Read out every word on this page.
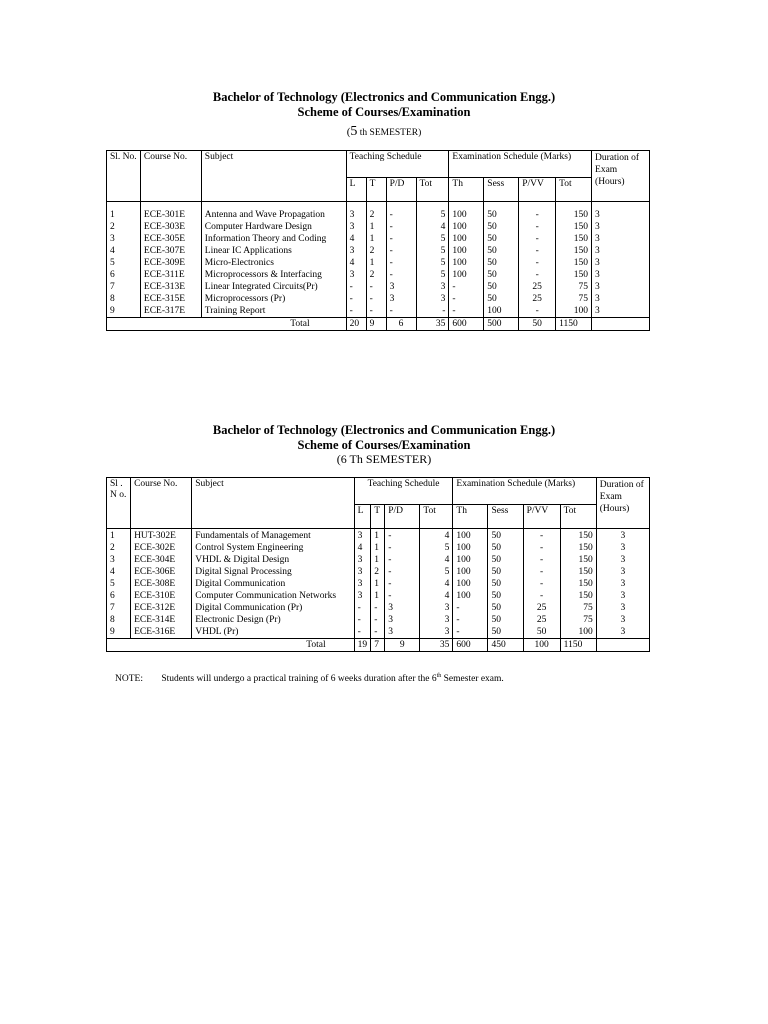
Bachelor of Technology (Electronics and Communication Engg.)
Scheme of Courses/Examination
(5 th SEMESTER)
Sl. No.	Course No.	Subject	Teaching Schedule				Examination Schedule (Marks)				Duration of Exam (Hours)
			L	T	P/D	Tot	Th	Sess	P/VV	Tot	
1	ECE-301E	Antenna and Wave Propagation	3	2	-	5	100	50	-	150	3
2	ECE-303E	Computer Hardware Design	3	1	-	4	100	50	-	150	3
3	ECE-305E	Information Theory and Coding	4	1	-	5	100	50	-	150	3
4	ECE-307E	Linear IC Applications	3	2	-	5	100	50	-	150	3
5	ECE-309E	Micro-Electronics	4	1	-	5	100	50	-	150	3
6	ECE-311E	Microprocessors & Interfacing	3	2	-	5	100	50	-	150	3
7	ECE-313E	Linear Integrated Circuits(Pr)	-	-	3	3	-	50	25	75	3
8	ECE-315E	Microprocessors (Pr)	-	-	3	3	-	50	25	75	3
9	ECE-317E	Training Report	-	-	-	-	-	100	-	100	3
Total			20	9	6	35	600	500	50	1150	
Bachelor of Technology (Electronics and Communication Engg.)
Scheme of Courses/Examination
(6 Th SEMESTER)
Sl . N o.	Course No.	Subject	Teaching Schedule				Examination Schedule (Marks)				Duration of Exam (Hours)
			L	T	P/D	Tot	Th	Sess	P/VV	Tot	
1	HUT-302E	Fundamentals of Management	3	1	-	4	100	50	-	150	3
2	ECE-302E	Control System Engineering	4	1	-	5	100	50	-	150	3
3	ECE-304E	VHDL & Digital Design	3	1	-	4	100	50	-	150	3
4	ECE-306E	Digital Signal Processing	3	2	-	5	100	50	-	150	3
5	ECE-308E	Digital Communication	3	1	-	4	100	50	-	150	3
6	ECE-310E	Computer Communication Networks	3	1	-	4	100	50	-	150	3
7	ECE-312E	Digital Communication (Pr)	-	-	3	3	-	50	25	75	3
8	ECE-314E	Electronic Design (Pr)	-	-	3	3	-	50	25	75	3
9	ECE-316E	VHDL (Pr)	-	-	3	3	-	50	50	100	3
Total			19	7	9	35	600	450	100	1150	
NOTE: Students will undergo a practical training of 6 weeks duration after the 6th Semester exam.
